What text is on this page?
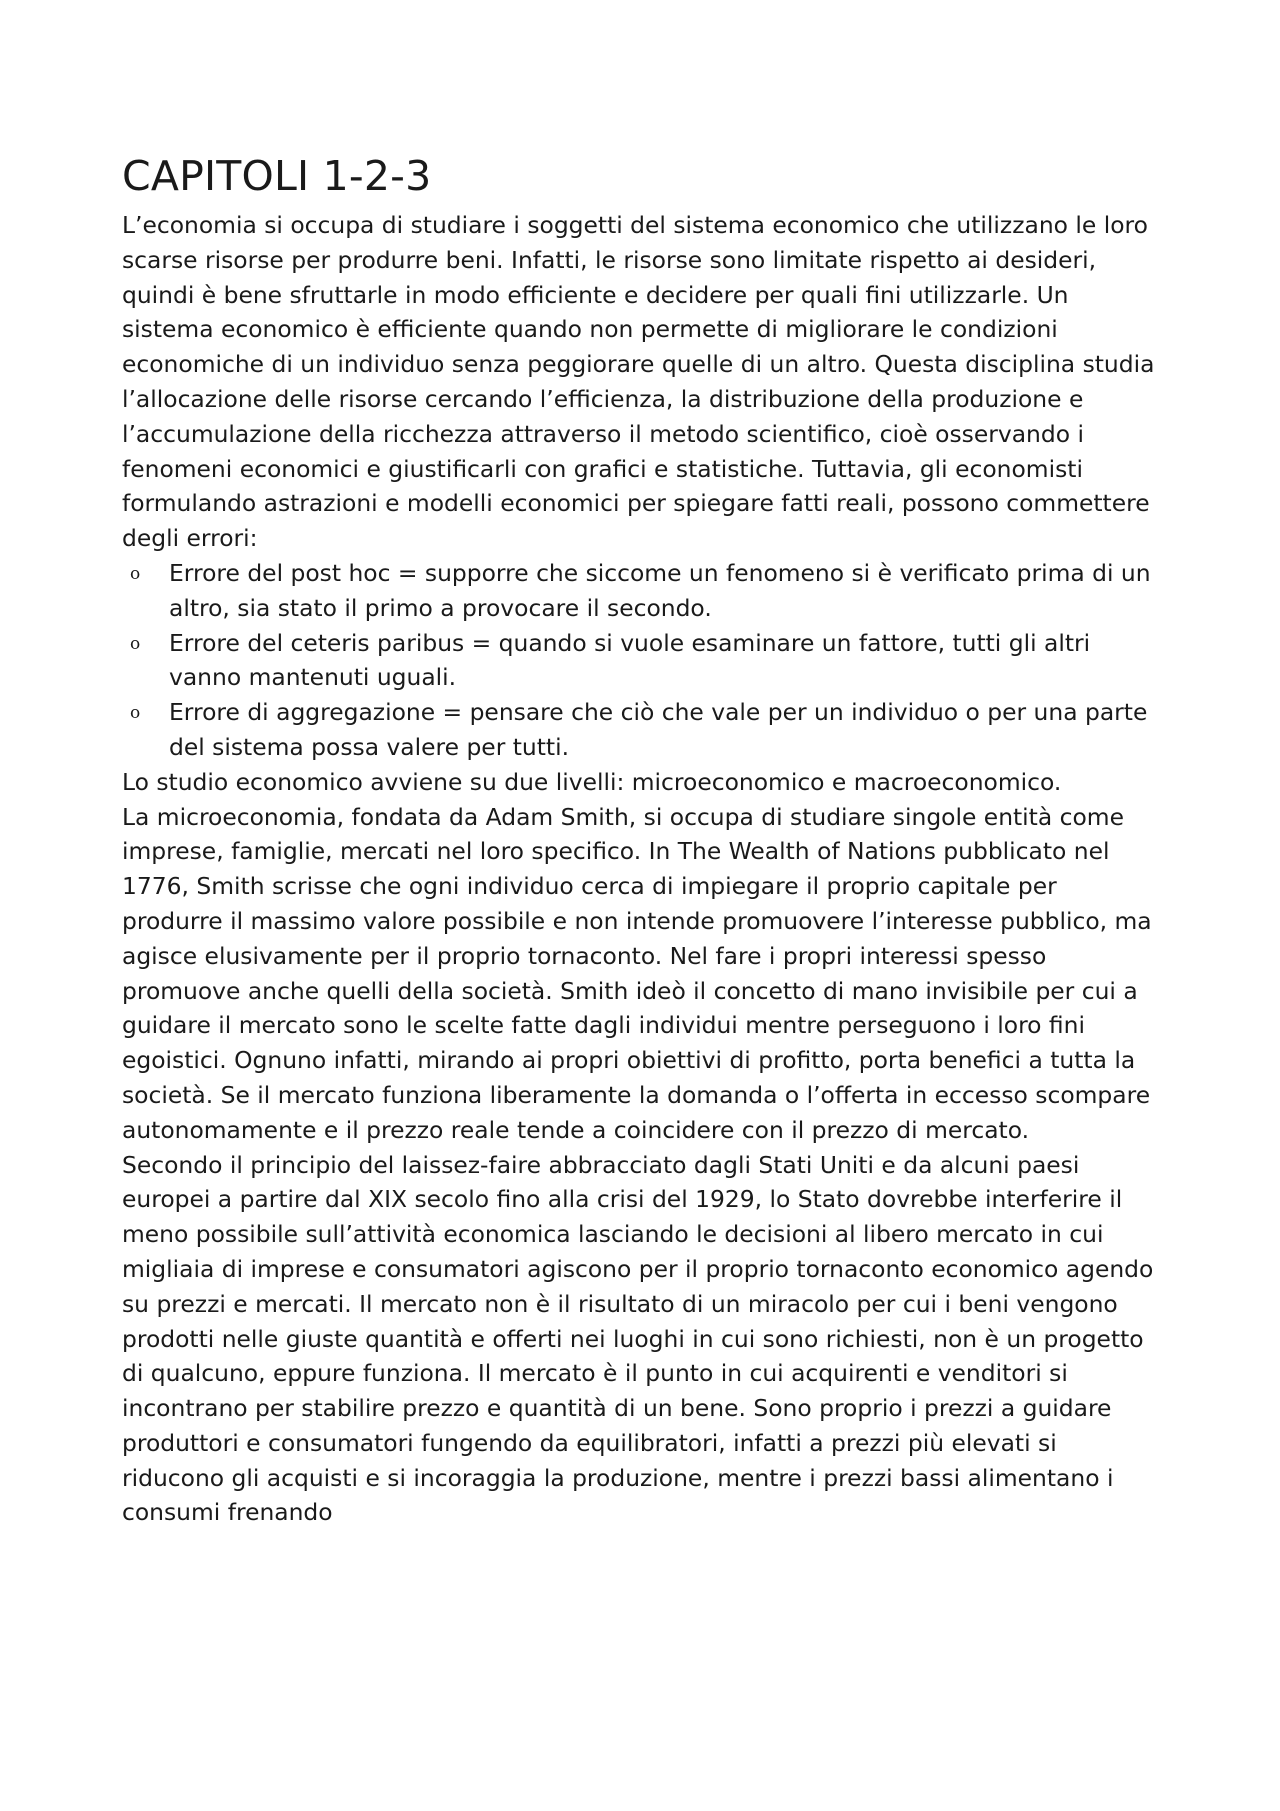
CAPITOLI 1-2-3

L’economia si occupa di studiare i soggetti del sistema economico che utilizzano le loro scarse risorse per produrre beni. Infatti, le risorse sono limitate rispetto ai desideri, quindi è bene sfruttarle in modo efficiente e decidere per quali fini utilizzarle. Un sistema economico è efficiente quando non permette di migliorare le condizioni economiche di un individuo senza peggiorare quelle di un altro. Questa disciplina studia l’allocazione delle risorse cercando l’efficienza, la distribuzione della produzione e l’accumulazione della ricchezza attraverso il metodo scientifico, cioè osservando i fenomeni economici e giustificarli con grafici e statistiche. Tuttavia, gli economisti formulando astrazioni e modelli economici per spiegare fatti reali, possono commettere degli errori:

o Errore del post hoc = supporre che siccome un fenomeno si è verificato prima di un altro, sia stato il primo a provocare il secondo.
o Errore del ceteris paribus = quando si vuole esaminare un fattore, tutti gli altri vanno mantenuti uguali.
o Errore di aggregazione = pensare che ciò che vale per un individuo o per una parte del sistema possa valere per tutti.

Lo studio economico avviene su due livelli: microeconomico e macroeconomico.

La microeconomia, fondata da Adam Smith, si occupa di studiare singole entità come imprese, famiglie, mercati nel loro specifico. In The Wealth of Nations pubblicato nel 1776, Smith scrisse che ogni individuo cerca di impiegare il proprio capitale per produrre il massimo valore possibile e non intende promuovere l’interesse pubblico, ma agisce elusivamente per il proprio tornaconto. Nel fare i propri interessi spesso promuove anche quelli della società. Smith ideò il concetto di mano invisibile per cui a guidare il mercato sono le scelte fatte dagli individui mentre perseguono i loro fini egoistici. Ognuno infatti, mirando ai propri obiettivi di profitto, porta benefici a tutta la società. Se il mercato funziona liberamente la domanda o l’offerta in eccesso scompare autonomamente e il prezzo reale tende a coincidere con il prezzo di mercato.

Secondo il principio del laissez-faire abbracciato dagli Stati Uniti e da alcuni paesi europei a partire dal XIX secolo fino alla crisi del 1929, lo Stato dovrebbe interferire il meno possibile sull’attività economica lasciando le decisioni al libero mercato in cui migliaia di imprese e consumatori agiscono per il proprio tornaconto economico agendo su prezzi e mercati. Il mercato non è il risultato di un miracolo per cui i beni vengono prodotti nelle giuste quantità e offerti nei luoghi in cui sono richiesti, non è un progetto di qualcuno, eppure funziona. Il mercato è il punto in cui acquirenti e venditori si incontrano per stabilire prezzo e quantità di un bene. Sono proprio i prezzi a guidare produttori e consumatori fungendo da equilibratori, infatti a prezzi più elevati si riducono gli acquisti e si incoraggia la produzione, mentre i prezzi bassi alimentano i consumi frenando
